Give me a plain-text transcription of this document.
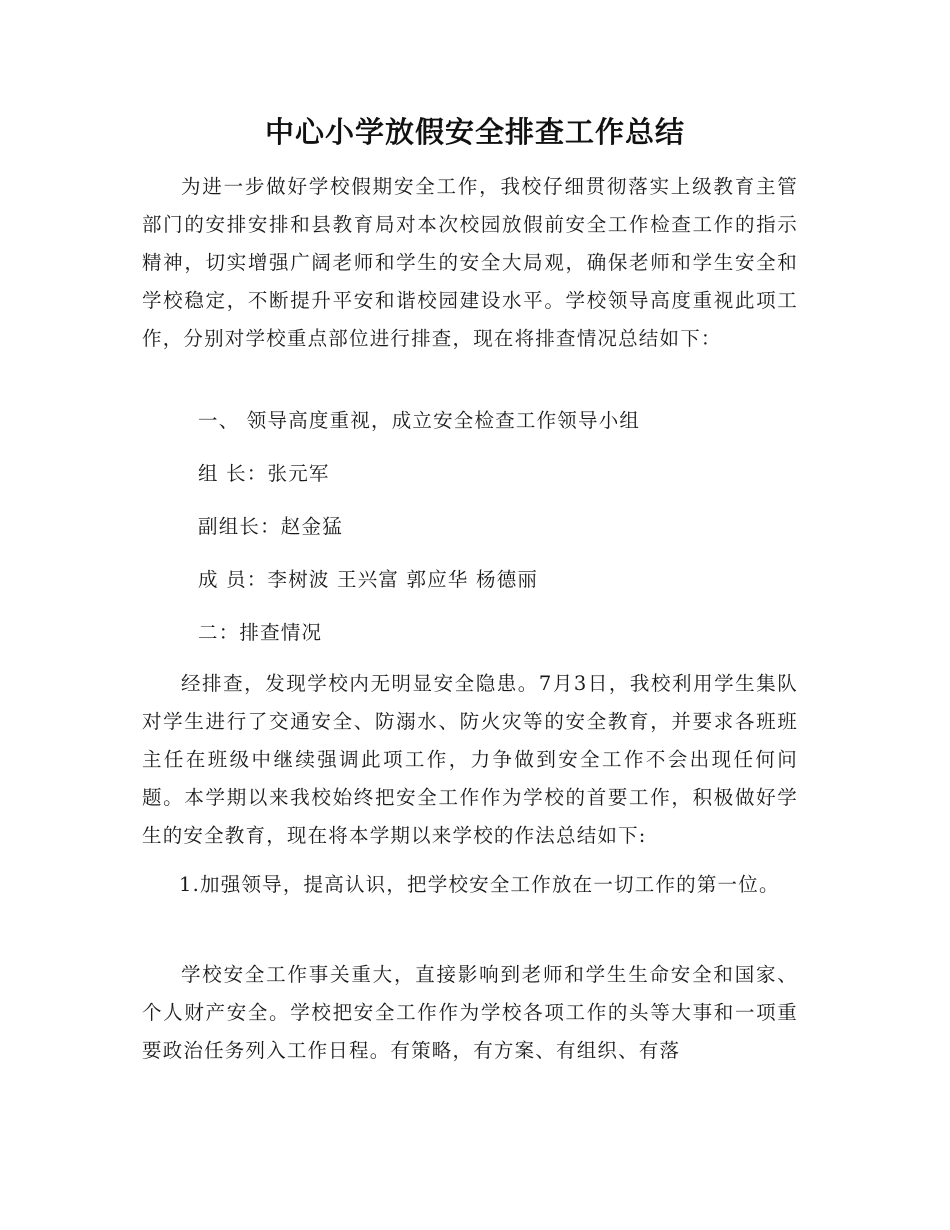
中心小学放假安全排查工作总结

为进一步做好学校假期安全工作，我校仔细贯彻落实上级教育主管部门的安排安排和县教育局对本次校园放假前安全工作检查工作的指示精神，切实增强广阔老师和学生的安全大局观，确保老师和学生安全和学校稳定，不断提升平安和谐校园建设水平。学校领导高度重视此项工作，分别对学校重点部位进行排查，现在将排查情况总结如下：

一、 领导高度重视，成立安全检查工作领导小组
组 长：张元军
副组长：赵金猛
成 员：李树波 王兴富 郭应华 杨德丽
二：排查情况

经排查，发现学校内无明显安全隐患。7月3日，我校利用学生集队对学生进行了交通安全、防溺水、防火灾等的安全教育，并要求各班班主任在班级中继续强调此项工作，力争做到安全工作不会出现任何问题。本学期以来我校始终把安全工作作为学校的首要工作，积极做好学生的安全教育，现在将本学期以来学校的作法总结如下:

1.加强领导，提高认识，把学校安全工作放在一切工作的第一位。

学校安全工作事关重大，直接影响到老师和学生生命安全和国家、个人财产安全。学校把安全工作作为学校各项工作的头等大事和一项重要政治任务列入工作日程。有策略，有方案、有组织、有落
